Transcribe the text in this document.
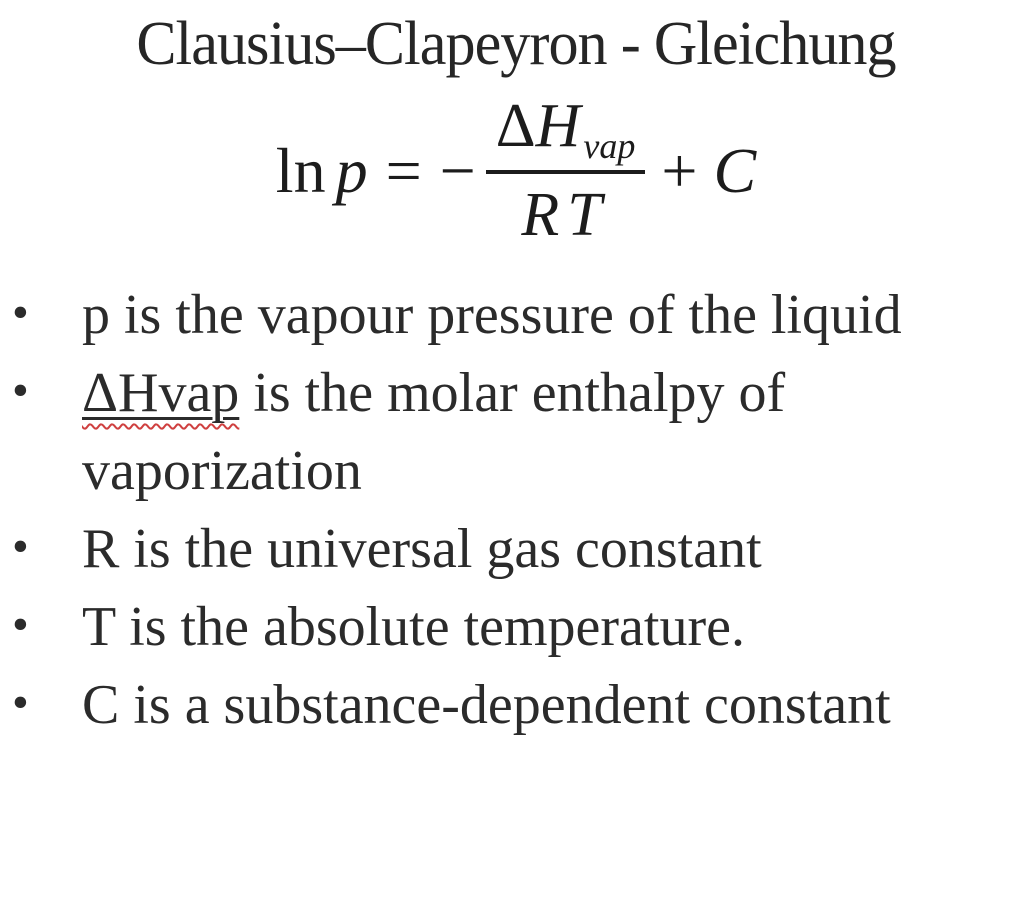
Clausius–Clapeyron - Gleichung
ln p = − $\frac{\text{Δ H vap}}{RT} + C$
• p is the vapour pressure of the liquid
• ΔHvap is the molar enthalpy of vaporization
• R is the universal gas constant
• T is the absolute temperature.
• C is a substance-dependent constant
